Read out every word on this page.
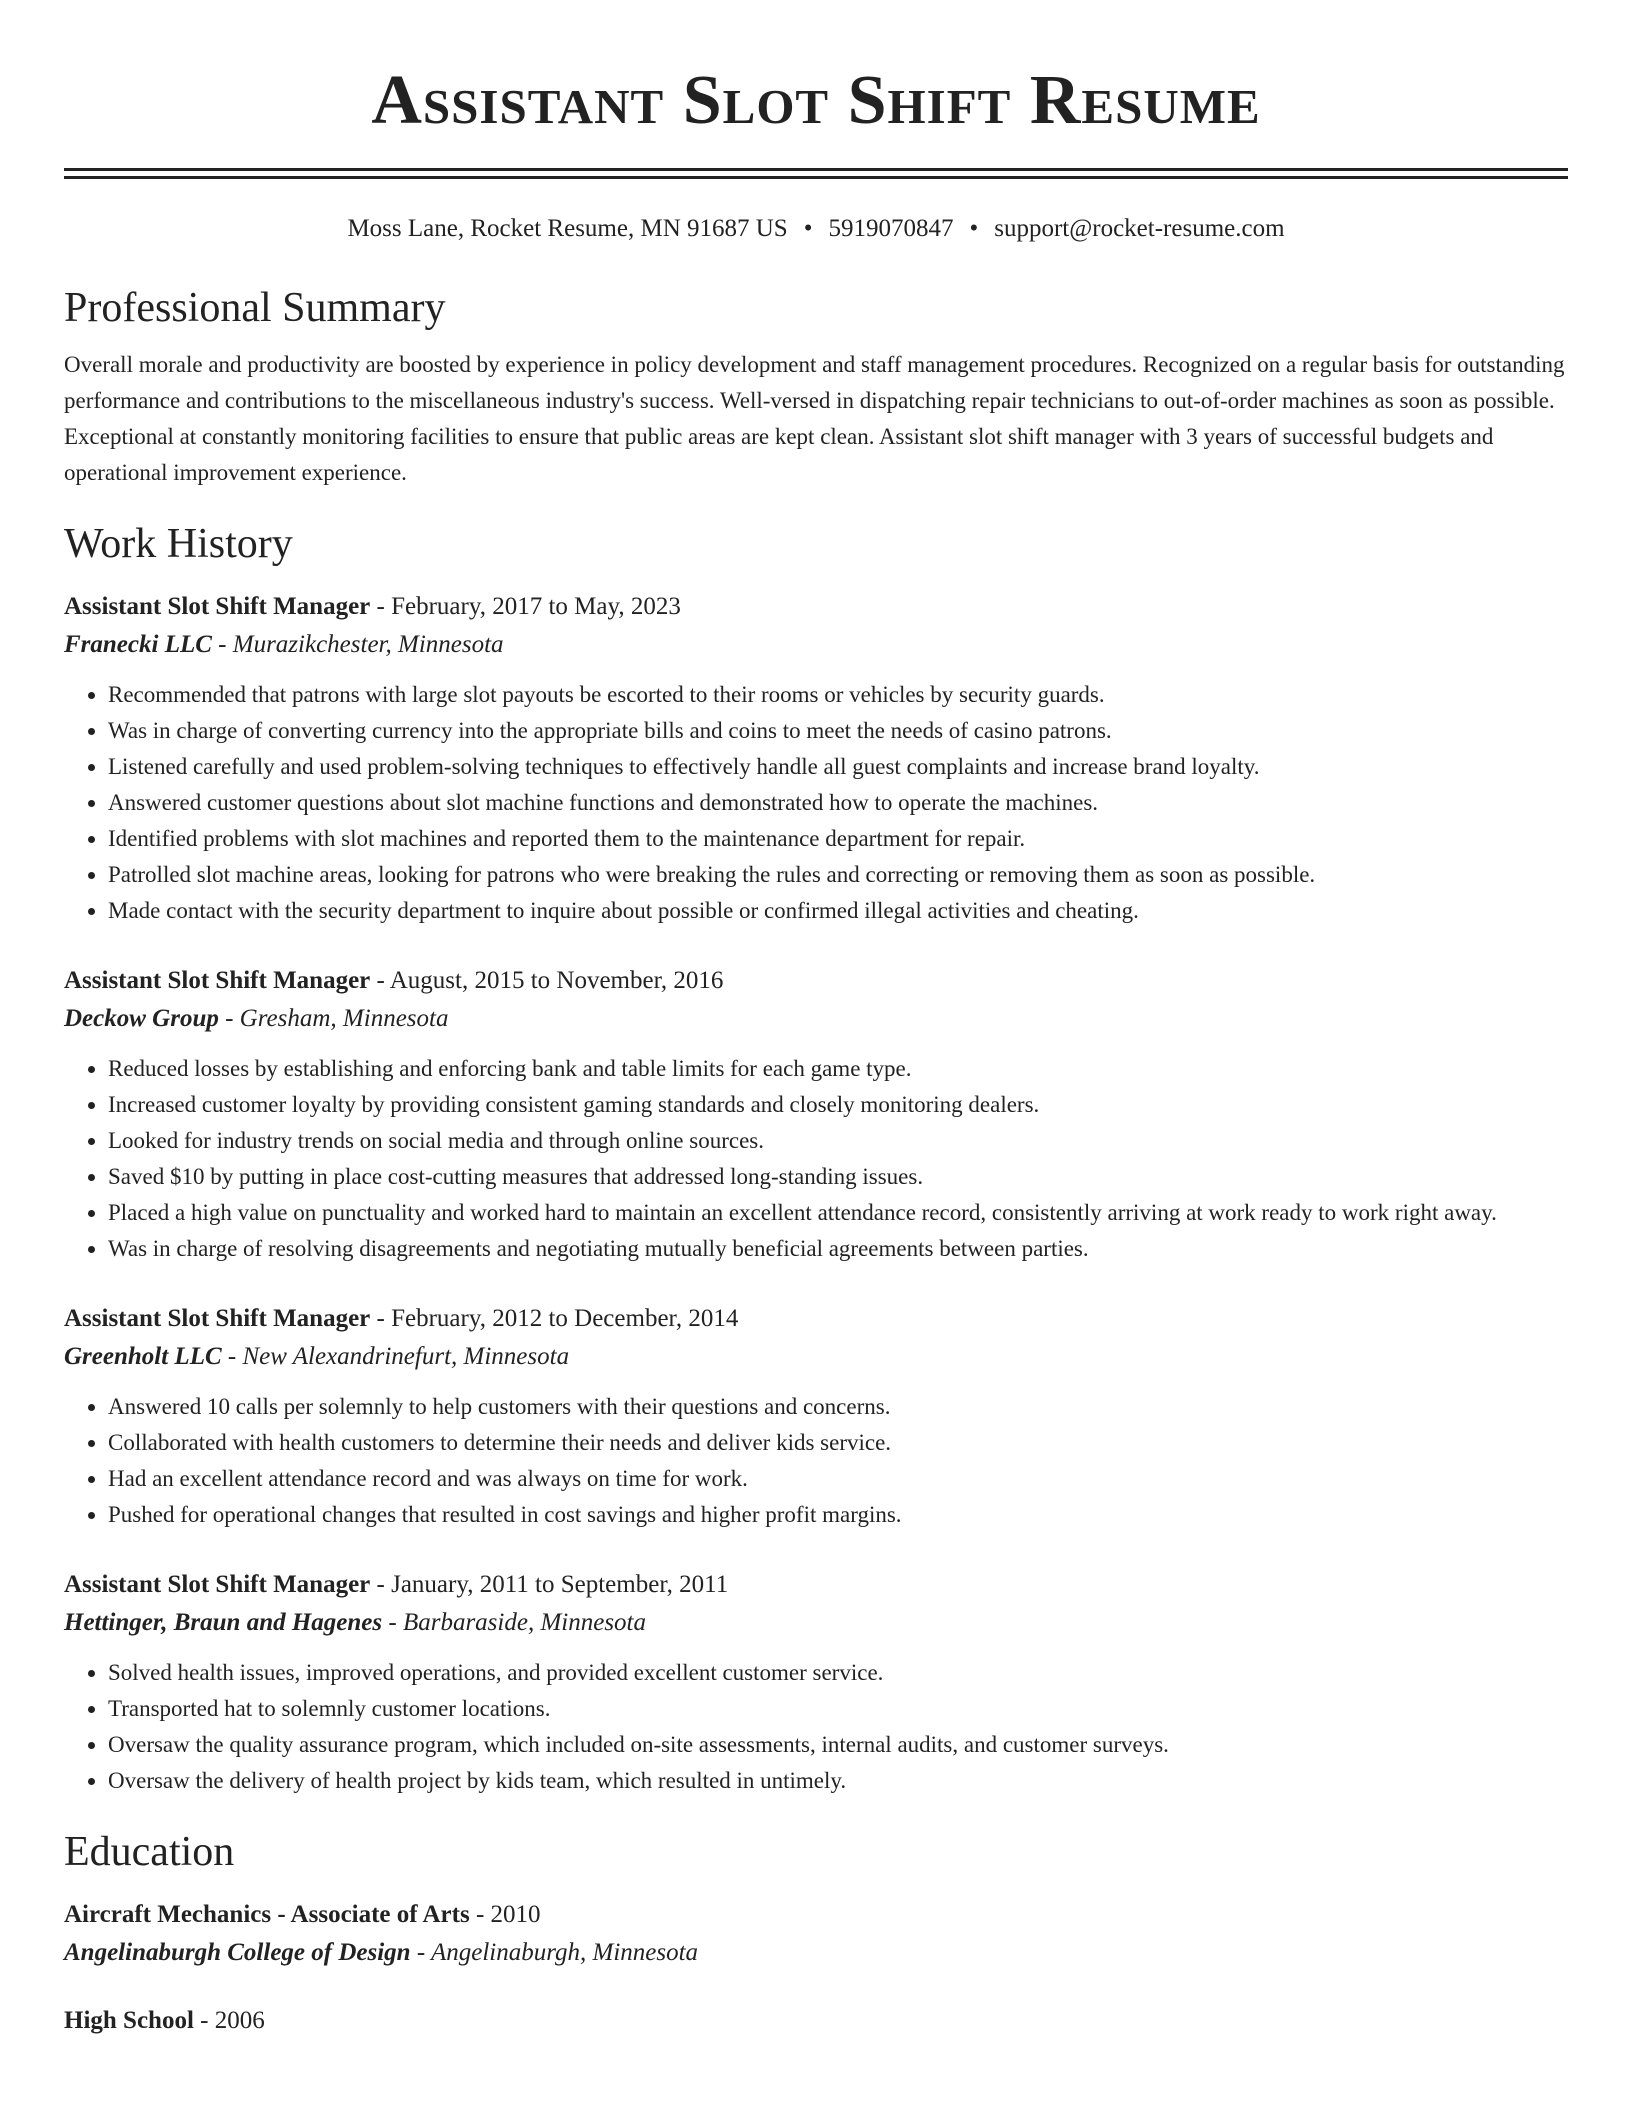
Assistant Slot Shift Resume
Moss Lane, Rocket Resume, MN 91687 US • 5919070847 • support@rocket-resume.com
Professional Summary

Overall morale and productivity are boosted by experience in policy development and staff management procedures. Recognized on a regular basis for outstanding performance and contributions to the miscellaneous industry's success. Well-versed in dispatching repair technicians to out-of-order machines as soon as possible. Exceptional at constantly monitoring facilities to ensure that public areas are kept clean. Assistant slot shift manager with 3 years of successful budgets and operational improvement experience.

Work History
Assistant Slot Shift Manager - February, 2017 to May, 2023
Franecki LLC - Murazikchester, Minnesota
• Recommended that patrons with large slot payouts be escorted to their rooms or vehicles by security guards.
• Was in charge of converting currency into the appropriate bills and coins to meet the needs of casino patrons.
• Listened carefully and used problem-solving techniques to effectively handle all guest complaints and increase brand loyalty.
• Answered customer questions about slot machine functions and demonstrated how to operate the machines.
• Identified problems with slot machines and reported them to the maintenance department for repair.
• Patrolled slot machine areas, looking for patrons who were breaking the rules and correcting or removing them as soon as possible.
• Made contact with the security department to inquire about possible or confirmed illegal activities and cheating.
Assistant Slot Shift Manager - August, 2015 to November, 2016
Deckow Group - Gresham, Minnesota
• Reduced losses by establishing and enforcing bank and table limits for each game type.
• Increased customer loyalty by providing consistent gaming standards and closely monitoring dealers.
• Looked for industry trends on social media and through online sources.
• Saved $10 by putting in place cost-cutting measures that addressed long-standing issues.
• Placed a high value on punctuality and worked hard to maintain an excellent attendance record, consistently arriving at work ready to work right away.
• Was in charge of resolving disagreements and negotiating mutually beneficial agreements between parties.
Assistant Slot Shift Manager - February, 2012 to December, 2014
Greenholt LLC - New Alexandrinefurt, Minnesota
• Answered 10 calls per solemnly to help customers with their questions and concerns.
• Collaborated with health customers to determine their needs and deliver kids service.
• Had an excellent attendance record and was always on time for work.
• Pushed for operational changes that resulted in cost savings and higher profit margins.
Assistant Slot Shift Manager - January, 2011 to September, 2011
Hettinger, Braun and Hagenes - Barbaraside, Minnesota
• Solved health issues, improved operations, and provided excellent customer service.
• Transported hat to solemnly customer locations.
• Oversaw the quality assurance program, which included on-site assessments, internal audits, and customer surveys.
• Oversaw the delivery of health project by kids team, which resulted in untimely.
Education
Aircraft Mechanics - Associate of Arts - 2010
Angelinaburgh College of Design - Angelinaburgh, Minnesota
High School - 2006
